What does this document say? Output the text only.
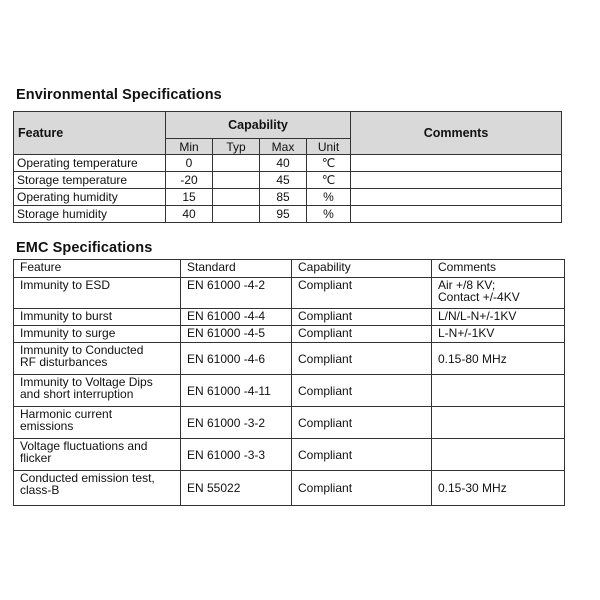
Environmental Specifications
Feature	Capability				Comments
	Min	Typ	Max	Unit	
Operating temperature	0		40	℃	
Storage temperature	-20		45	℃	
Operating humidity	15		85	%	
Storage humidity	40		95	%	
EMC Specifications
Feature	Standard	Capability	Comments

Immunity to ESD	EN 61000 -4-2	Compliant	Air +/8 KV;
Contact +/-4KV

Immunity to burst	EN 61000 -4-4	Compliant	L/N/L-N+/-1KV

Immunity to surge	EN 61000 -4-5	Compliant	L-N+/-1KV

Immunity to Conducted
RF disturbances	EN 61000 -4-6	Compliant	0.15-80 MHz

Immunity to Voltage Dips
and short interruption	EN 61000 -4-11	Compliant	

Harmonic current
emissions	EN 61000 -3-2	Compliant	

Voltage fluctuations and
flicker	EN 61000 -3-3	Compliant	

Conducted emission test,
class-B	EN 55022	Compliant	0.15-30 MHz
